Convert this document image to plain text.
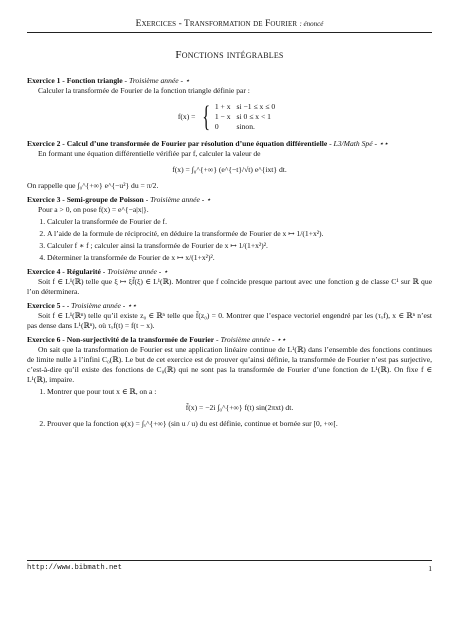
Exercices - Transformation de Fourier : énoncé
Fonctions intégrables
Exercice 1 - Fonction triangle - Troisième année - ⋆
Calculer la transformée de Fourier de la fonction triangle définie par :
f(x) = { 1 + x	si −1 ≤ x ≤ 0
1 − x	si 0 ≤ x < 1
0	sinon.
Exercice 2 - Calcul d’une transformée de Fourier par résolution d’une équation différentielle - L3/Math Spé - ⋆⋆
En formant une équation différentielle vérifiée par f, calculer la valeur de
f(x) = ∫₀^{+∞} (e^{−t}/√t) e^{ixt} dt.
On rappelle que ∫₀^{+∞} e^{−u²} du = π/2.
Exercice 3 - Semi-groupe de Poisson - Troisième année - ⋆
Pour a > 0, on pose f(x) = e^{−a|x|}.
1. Calculer la transformée de Fourier de f.
2. A l’aide de la formule de réciprocité, en déduire la transformée de Fourier de x ↦ 1/(1+x²).
3. Calculer f ∗ f ; calculer ainsi la transformée de Fourier de x ↦ 1/(1+x²)².
4. Déterminer la transformée de Fourier de x ↦ x/(1+x²)².
Exercice 4 - Régularité - Troisième année - ⋆
Soit f ∈ L¹(ℝ) telle que ξ ↦ ξf̂(ξ) ∈ L¹(ℝ). Montrer que f coïncide presque partout avec une fonction g de classe C¹ sur ℝ que l’on déterminera.
Exercice 5 - - Troisième année - ⋆⋆
Soit f ∈ L¹(ℝⁿ) telle qu’il existe z₀ ∈ ℝⁿ telle que f̂(z₀) = 0. Montrer que l’espace vectoriel engendré par les (τₓf), x ∈ ℝⁿ n’est pas dense dans L¹(ℝⁿ), où τₓf(t) = f(t − x).
Exercice 6 - Non-surjectivité de la transformée de Fourier - Troisième année - ⋆⋆
On sait que la transformation de Fourier est une application linéaire continue de L¹(ℝ) dans l’ensemble des fonctions continues de limite nulle à l’infini C₀(ℝ). Le but de cet exercice est de prouver qu’ainsi définie, la transformée de Fourier n’est pas surjective, c’est-à-dire qu’il existe des fonctions de C₀(ℝ) qui ne sont pas la transformée de Fourier d’une fonction de L¹(ℝ). On fixe f ∈ L¹(ℝ), impaire.
1. Montrer que pour tout x ∈ ℝ, on a :
f̂(x) = −2i ∫₀^{+∞} f(t) sin(2πxt) dt.
2. Prouver que la fonction φ(x) = ∫ₓ^{+∞} (sin u / u) du est définie, continue et bornée sur [0, +∞[.
http://www.bibmath.net	1
